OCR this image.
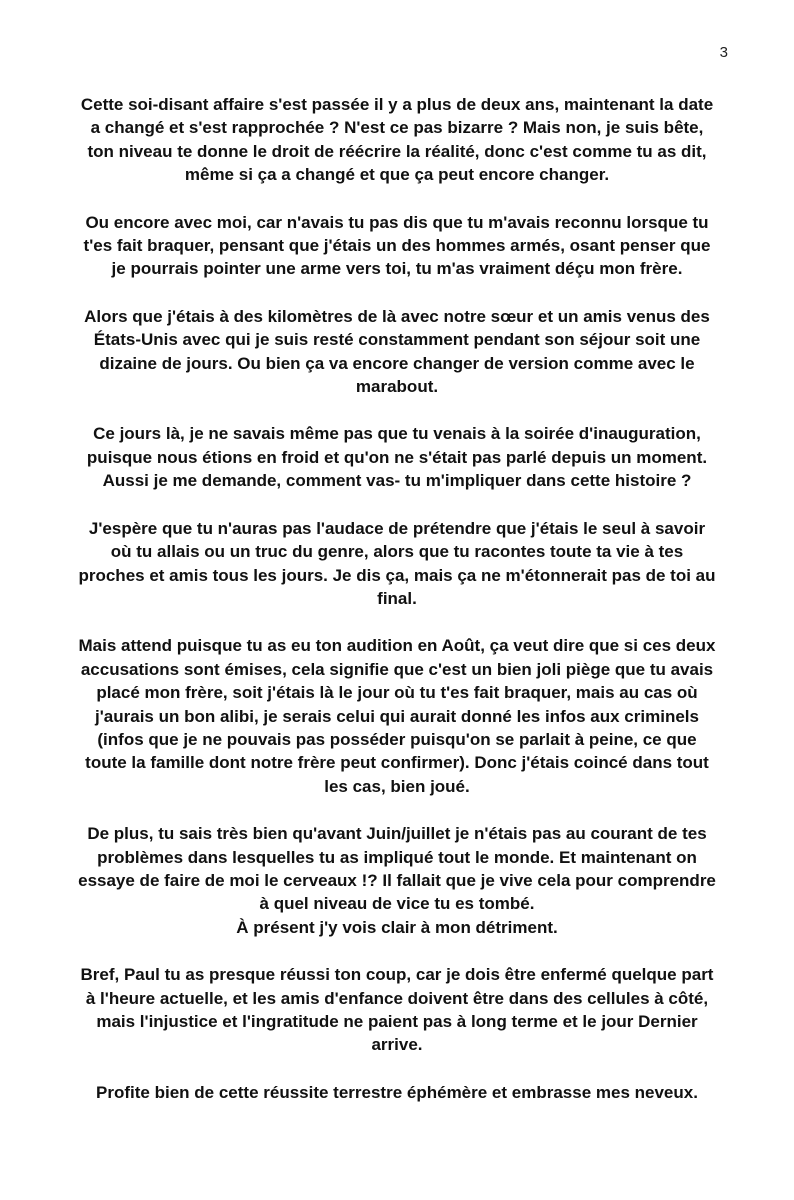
3

Cette soi-disant affaire s'est passée il y a plus de deux ans, maintenant la date
a changé et s'est rapprochée ? N'est ce pas bizarre ? Mais non, je suis bête,
ton niveau te donne le droit de réécrire la réalité, donc c'est comme tu as dit,
même si ça a changé et que ça peut encore changer.

Ou encore avec moi, car n'avais tu pas dis que tu m'avais reconnu lorsque tu
t'es fait braquer, pensant que j'étais un des hommes armés, osant penser que
je pourrais pointer une arme vers toi, tu m'as vraiment déçu mon frère.

Alors que j'étais à des kilomètres de là avec notre sœur et un amis venus des
États-Unis avec qui je suis resté constamment pendant son séjour soit une
dizaine de jours. Ou bien ça va encore changer de version comme avec le
marabout.

Ce jours là, je ne savais même pas que tu venais à la soirée d'inauguration,
puisque nous étions en froid et qu'on ne s'était pas parlé depuis un moment.
Aussi je me demande, comment vas- tu m'impliquer dans cette histoire ?

J'espère que tu n'auras pas l'audace de prétendre que j'étais le seul à savoir
où tu allais ou un truc du genre, alors que tu racontes toute ta vie à tes
proches et amis tous les jours. Je dis ça, mais ça ne m'étonnerait pas de toi au
final.

Mais attend puisque tu as eu ton audition en Août, ça veut dire que si ces deux
accusations sont émises, cela signifie que c'est un bien joli piège que tu avais
placé mon frère, soit j'étais là le jour où tu t'es fait braquer, mais au cas où
j'aurais un bon alibi, je serais celui qui aurait donné les infos aux criminels
(infos que je ne pouvais pas posséder puisqu'on se parlait à peine, ce que
toute la famille dont notre frère peut confirmer). Donc j'étais coincé dans tout
les cas, bien joué.

De plus, tu sais très bien qu'avant Juin/juillet je n'étais pas au courant de tes
problèmes dans lesquelles tu as impliqué tout le monde. Et maintenant on
essaye de faire de moi le cerveaux !? Il fallait que je vive cela pour comprendre
à quel niveau de vice tu es tombé.
À présent j'y vois clair à mon détriment.

Bref, Paul tu as presque réussi ton coup, car je dois être enfermé quelque part
à l'heure actuelle, et les amis d'enfance doivent être dans des cellules à côté,
mais l'injustice et l'ingratitude ne paient pas à long terme et le jour Dernier
arrive.

Profite bien de cette réussite terrestre éphémère et embrasse mes neveux.
